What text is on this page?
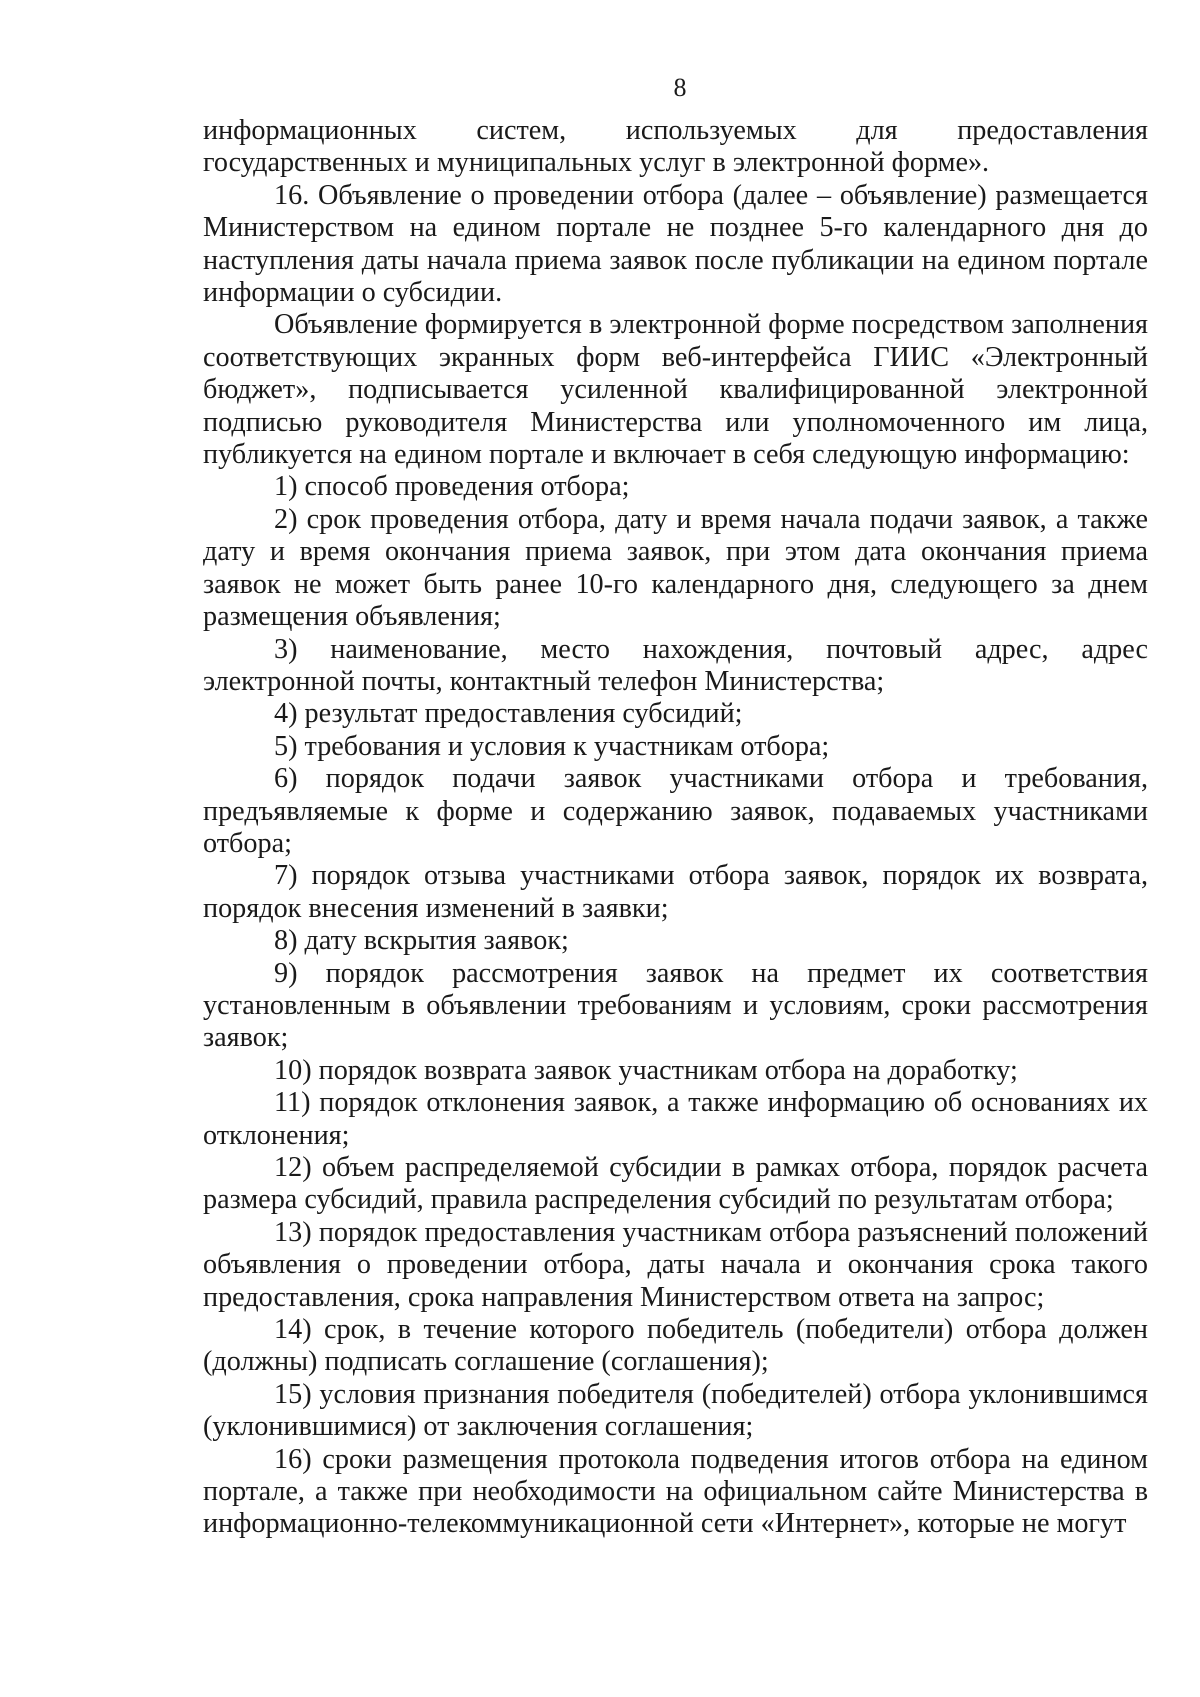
8

информационных систем, используемых для предоставления государственных и муниципальных услуг в электронной форме».

16. Объявление о проведении отбора (далее – объявление) размещается Министерством на едином портале не позднее 5-го календарного дня до наступления даты начала приема заявок после публикации на едином портале информации о субсидии.

Объявление формируется в электронной форме посредством заполнения соответствующих экранных форм веб-интерфейса ГИИС «Электронный бюджет», подписывается усиленной квалифицированной электронной подписью руководителя Министерства или уполномоченного им лица, публикуется на едином портале и включает в себя следующую информацию:

1) способ проведения отбора;

2) срок проведения отбора, дату и время начала подачи заявок, а также дату и время окончания приема заявок, при этом дата окончания приема заявок не может быть ранее 10-го календарного дня, следующего за днем размещения объявления;

3) наименование, место нахождения, почтовый адрес, адрес электронной почты, контактный телефон Министерства;

4) результат предоставления субсидий;

5) требования и условия к участникам отбора;

6) порядок подачи заявок участниками отбора и требования, предъявляемые к форме и содержанию заявок, подаваемых участниками отбора;

7) порядок отзыва участниками отбора заявок, порядок их возврата, порядок внесения изменений в заявки;

8) дату вскрытия заявок;

9) порядок рассмотрения заявок на предмет их соответствия установленным в объявлении требованиям и условиям, сроки рассмотрения заявок;

10) порядок возврата заявок участникам отбора на доработку;

11) порядок отклонения заявок, а также информацию об основаниях их отклонения;

12) объем распределяемой субсидии в рамках отбора, порядок расчета размера субсидий, правила распределения субсидий по результатам отбора;

13) порядок предоставления участникам отбора разъяснений положений объявления о проведении отбора, даты начала и окончания срока такого предоставления, срока направления Министерством ответа на запрос;

14) срок, в течение которого победитель (победители) отбора должен (должны) подписать соглашение (соглашения);

15) условия признания победителя (победителей) отбора уклонившимся (уклонившимися) от заключения соглашения;

16) сроки размещения протокола подведения итогов отбора на едином портале, а также при необходимости на официальном сайте Министерства в информационно-телекоммуникационной сети «Интернет», которые не могут
